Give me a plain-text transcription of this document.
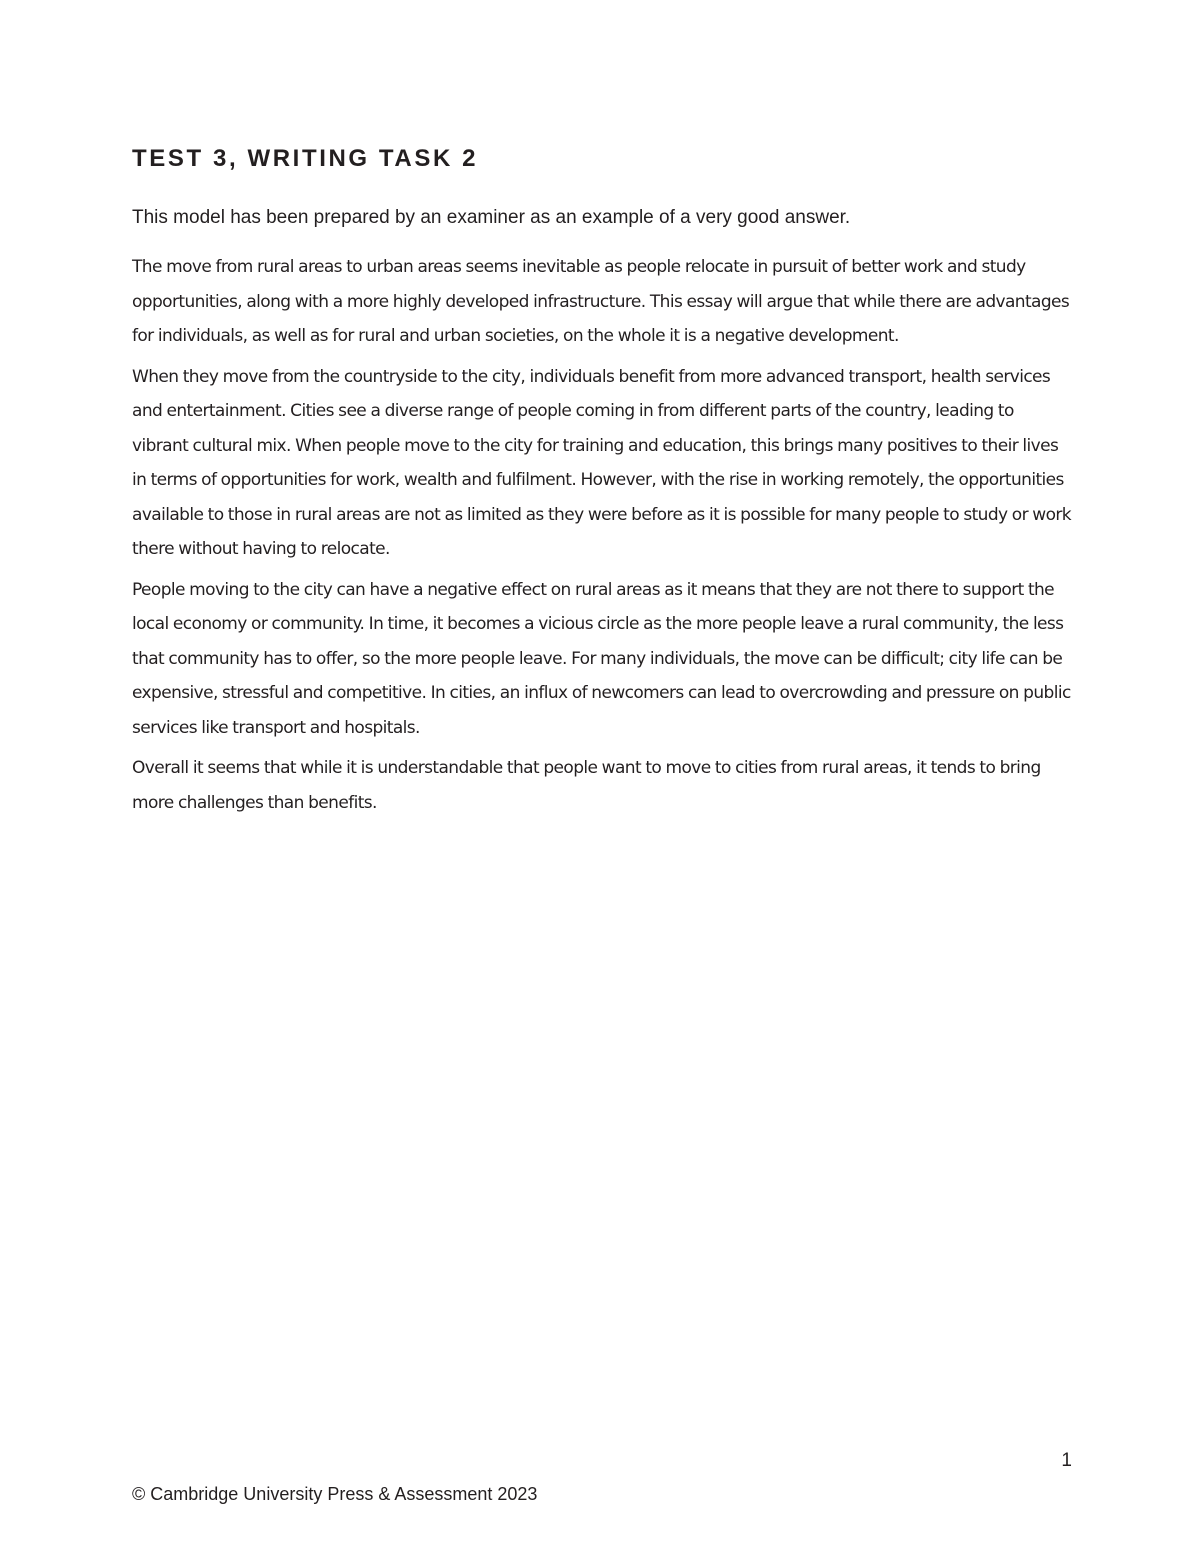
TEST 3, WRITING TASK 2

This model has been prepared by an examiner as an example of a very good answer.

The move from rural areas to urban areas seems inevitable as people relocate in pursuit of better work and study opportunities, along with a more highly developed infrastructure. This essay will argue that while there are advantages for individuals, as well as for rural and urban societies, on the whole it is a negative development.

When they move from the countryside to the city, individuals benefit from more advanced transport, health services and entertainment. Cities see a diverse range of people coming in from different parts of the country, leading to vibrant cultural mix. When people move to the city for training and education, this brings many positives to their lives in terms of opportunities for work, wealth and fulfilment. However, with the rise in working remotely, the opportunities available to those in rural areas are not as limited as they were before as it is possible for many people to study or work there without having to relocate.

People moving to the city can have a negative effect on rural areas as it means that they are not there to support the local economy or community. In time, it becomes a vicious circle as the more people leave a rural community, the less that community has to offer, so the more people leave. For many individuals, the move can be difficult; city life can be expensive, stressful and competitive. In cities, an influx of newcomers can lead to overcrowding and pressure on public services like transport and hospitals.

Overall it seems that while it is understandable that people want to move to cities from rural areas, it tends to bring more challenges than benefits.

1
© Cambridge University Press & Assessment 2023
